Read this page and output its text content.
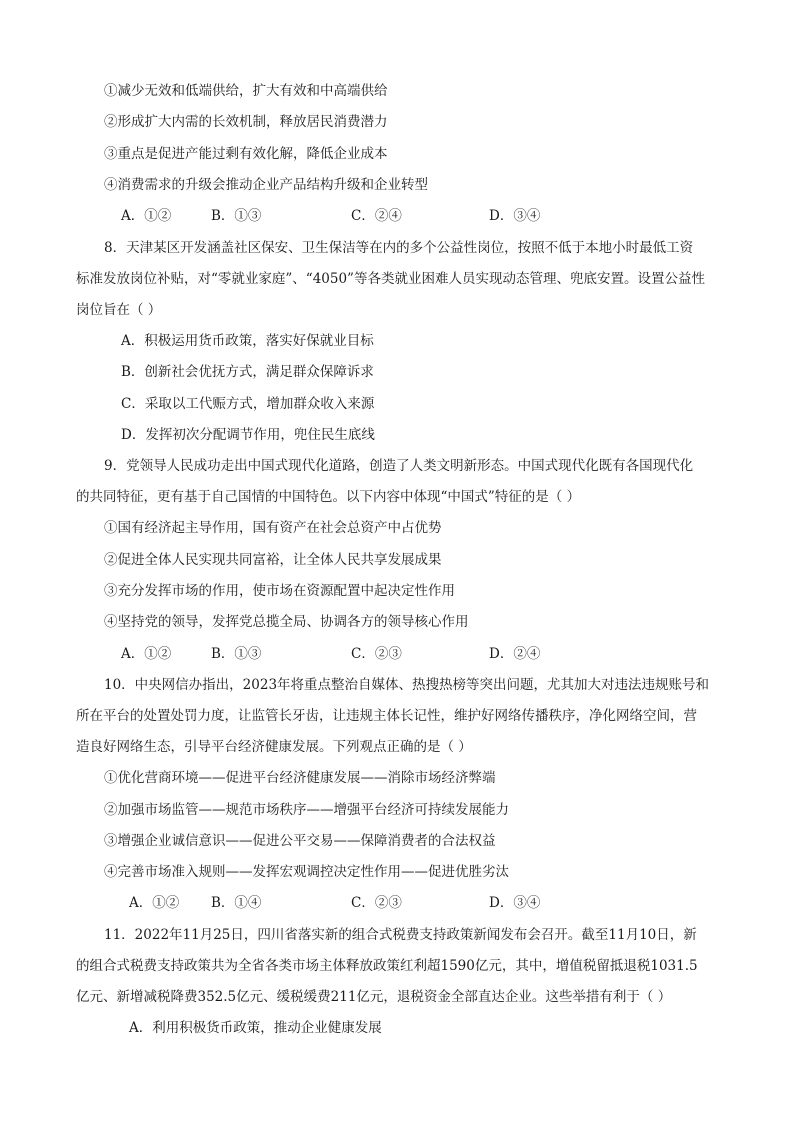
①减少无效和低端供给，扩大有效和中高端供给
②形成扩大内需的长效机制，释放居民消费潜力
③重点是促进产能过剩有效化解，降低企业成本
④消费需求的升级会推动企业产品结构升级和企业转型
A．①②	B．①③	C．②④	D．③④
8．天津某区开发涵盖社区保安、卫生保洁等在内的多个公益性岗位，按照不低于本地小时最低工资
标准发放岗位补贴，对“零就业家庭”、“4050”等各类就业困难人员实现动态管理、兜底安置。设置公益性
岗位旨在（ ）
A．积极运用货币政策，落实好保就业目标
B．创新社会优抚方式，满足群众保障诉求
C．采取以工代赈方式，增加群众收入来源
D．发挥初次分配调节作用，兜住民生底线
9．党领导人民成功走出中国式现代化道路，创造了人类文明新形态。中国式现代化既有各国现代化
的共同特征，更有基于自己国情的中国特色。以下内容中体现“中国式”特征的是（ ）
①国有经济起主导作用，国有资产在社会总资产中占优势
②促进全体人民实现共同富裕，让全体人民共享发展成果
③充分发挥市场的作用，使市场在资源配置中起决定性作用
④坚持党的领导，发挥党总揽全局、协调各方的领导核心作用
A．①②	B．①③	C．②③	D．②④
10．中央网信办指出，2023年将重点整治自媒体、热搜热榜等突出问题，尤其加大对违法违规账号和
所在平台的处置处罚力度，让监管长牙齿，让违规主体长记性，维护好网络传播秩序，净化网络空间，营
造良好网络生态，引导平台经济健康发展。下列观点正确的是（ ）
①优化营商环境——促进平台经济健康发展——消除市场经济弊端
②加强市场监管——规范市场秩序——增强平台经济可持续发展能力
③增强企业诚信意识——促进公平交易——保障消费者的合法权益
④完善市场准入规则——发挥宏观调控决定性作用——促进优胜劣汰
A．①② B．①④	C．②③	D．③④
11．2022年11月25日，四川省落实新的组合式税费支持政策新闻发布会召开。截至11月10日，新
的组合式税费支持政策共为全省各类市场主体释放政策红利超1590亿元，其中，增值税留抵退税1031.5
亿元、新增减税降费352.5亿元、缓税缓费211亿元，退税资金全部直达企业。这些举措有利于（ ）
A．利用积极货币政策，推动企业健康发展
